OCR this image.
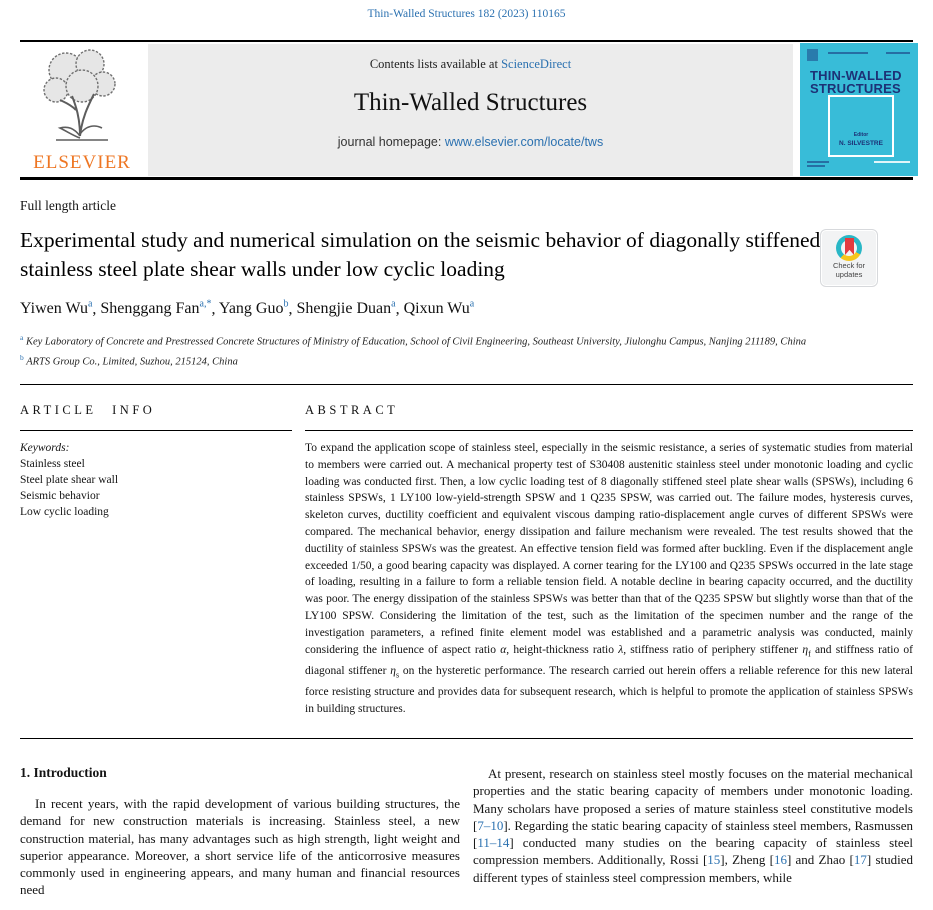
Thin-Walled Structures 182 (2023) 110165
ELSEVIER
Contents lists available at ScienceDirect
Thin-Walled Structures
journal homepage: www.elsevier.com/locate/tws
THIN-WALLED
STRUCTURES
Editor
N. SILVESTRE
Full length article
Experimental study and numerical simulation on the seismic behavior of diagonally stiffened stainless steel plate shear walls under low cyclic loading	Check for
updates
Yiwen Wu$^a$, Shenggang Fan$^{a,*}$, Yang Guo$^b$, Shengjie Duan$^a$, Qixun Wu$^a$
$^a$ Key Laboratory of Concrete and Prestressed Concrete Structures of Ministry of Education, School of Civil Engineering, Southeast University, Jiulonghu Campus, Nanjing 211189, China
$^b$ ARTS Group Co., Limited, Suzhou, 215124, China
ARTICLE INFO
Keywords:
Stainless steel
Steel plate shear wall
Seismic behavior
Low cyclic loading
ABSTRACT

To expand the application scope of stainless steel, especially in the seismic resistance, a series of systematic studies from material to members were carried out. A mechanical property test of S30408 austenitic stainless steel under monotonic loading and cyclic loading was conducted first. Then, a low cyclic loading test of 8 diagonally stiffened steel plate shear walls (SPSWs), including 6 stainless SPSWs, 1 LY100 low-yield-strength SPSW and 1 Q235 SPSW, was carried out. The failure modes, hysteresis curves, skeleton curves, ductility coefficient and equivalent viscous damping ratio-displacement angle curves of different SPSWs were compared. The mechanical behavior, energy dissipation and failure mechanism were revealed. The test results showed that the ductility of stainless SPSWs was the greatest. An effective tension field was formed after buckling. Even if the displacement angle exceeded 1/50, a good bearing capacity was displayed. A corner tearing for the LY100 and Q235 SPSWs occurred in the late stage of loading, resulting in a failure to form a reliable tension field. A notable decline in bearing capacity occurred, and the ductility was poor. The energy dissipation of the stainless SPSWs was better than that of the Q235 SPSW but slightly worse than that of the LY100 SPSW. Considering the limitation of the test, such as the limitation of the specimen number and the range of the investigation parameters, a refined finite element model was established and a parametric analysis was conducted, mainly considering the influence of aspect ratio α, height-thickness ratio λ, stiffness ratio of periphery stiffener $\eta_f$ and stiffness ratio of diagonal stiffener $\eta_s$ on the hysteretic performance. The research carried out herein offers a reliable reference for this new lateral force resisting structure and provides data for subsequent research, which is helpful to promote the application of stainless SPSWs in building structures.

1. Introduction

In recent years, with the rapid development of various building structures, the demand for new construction materials is increasing. Stainless steel, a new construction material, has many advantages such as high strength, light weight and superior appearance. Moreover, a short service life of the anticorrosive measures commonly used in engineering appears, and many human and financial resources need

At present, research on stainless steel mostly focuses on the material mechanical properties and the static bearing capacity of members under monotonic loading. Many scholars have proposed a series of mature stainless steel constitutive models [7–10]. Regarding the static bearing capacity of stainless steel members, Rasmussen [11–14] conducted many studies on the bearing capacity of stainless steel compression members. Additionally, Rossi [15], Zheng [16] and Zhao [17] studied different types of stainless steel compression members, while
